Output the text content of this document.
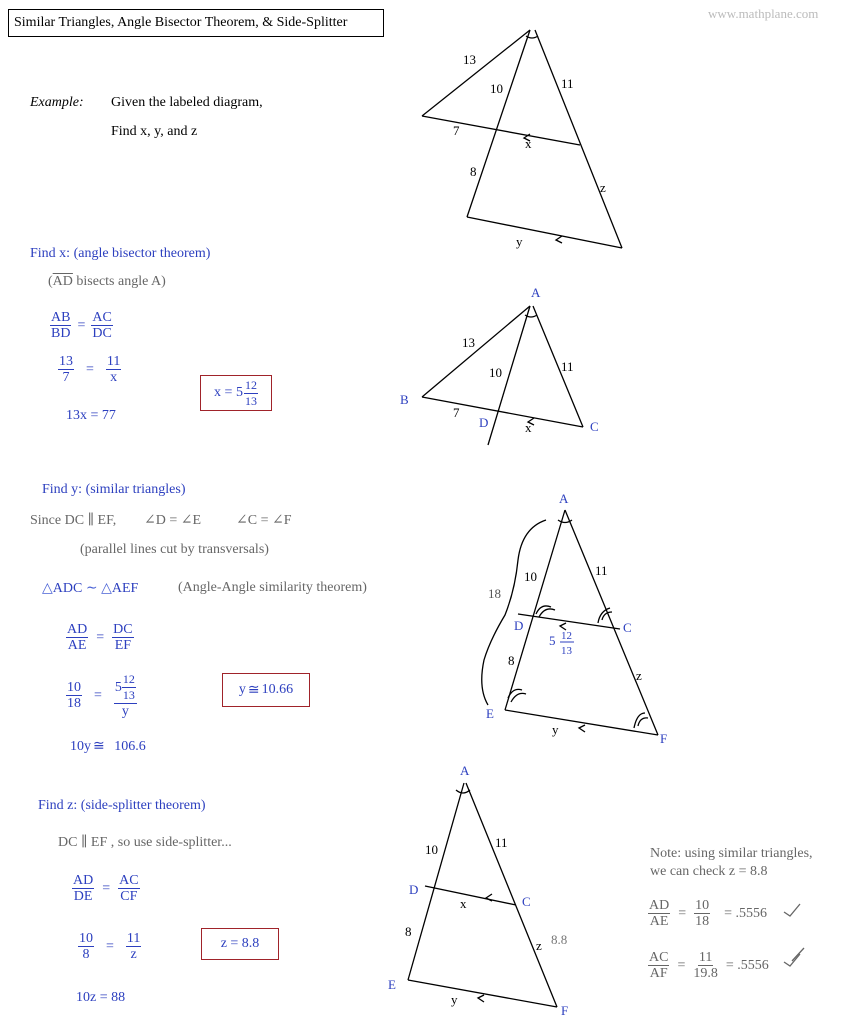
Similar Triangles, Angle Bisector Theorem, & Side-Splitter
www.mathplane.com
Example: Given the labeled diagram,
Find x, y, and z
13
10	11
7
x
8
z
y
A
B
C
D
13
10	11
7
x
A
D	C
E
F
18
10	11
8
z
y
5 12
13
A
D
C
E
F
10	11
8
x
z 8.8
y
Find x: (angle bisector theorem)
($\overline{AD}$ bisects angle A)
$\frac{AB}{BD} = \frac{AC}{DC}$
$\frac{13}{7} = \frac{11}{x}$
13x = 77
$x = 5 \frac{12}{13}$
Find y: (similar triangles)
Since DC ∥ EF, ∠D = ∠E ∠C = ∠F
(parallel lines cut by transversals)
△ADC ∼ △AEF	(Angle-Angle similarity theorem)
$\frac{AD}{AE} = \frac{DC}{EF}$
$\frac{10}{18} = \frac{5 \frac{12}{13}}{y}$
10y ≅ 106.6
y ≅ 10.66
Find z: (side-splitter theorem)
DC ∥ EF , so use side-splitter...
$\frac{AD}{DE} = \frac{AC}{CF}$
$\frac{10}{8} = \frac{11}{z}$
10z = 88
z = 8.8
Note: using similar triangles,
we can check z = 8.8
$\frac{AD}{AE} = \frac{10}{18} = .5556$
$\frac{AC}{AF} = \frac{11}{19.8} = .5556$
